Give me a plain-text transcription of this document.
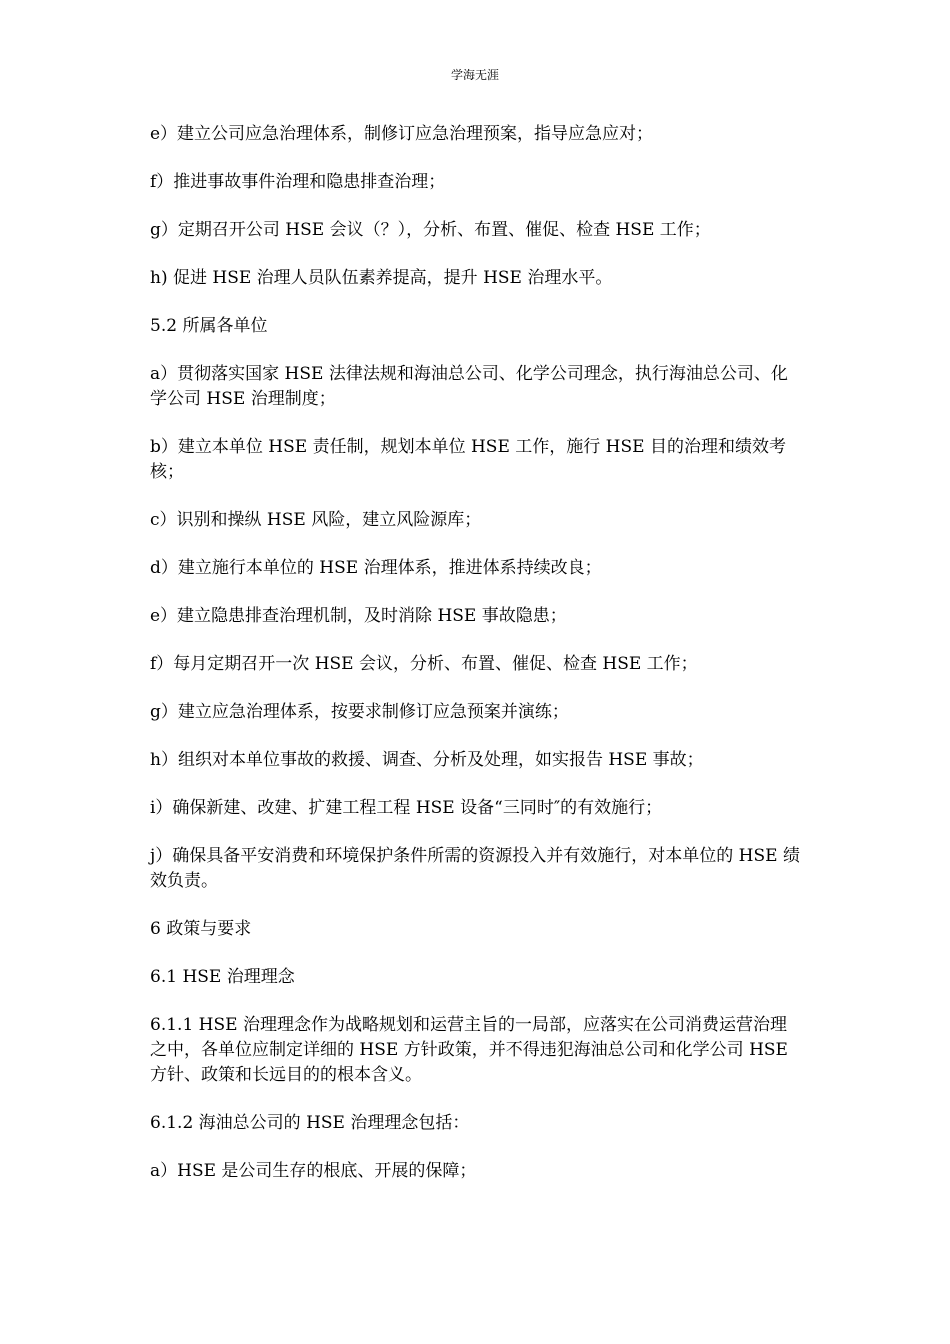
学海无涯

e）建立公司应急治理体系，制修订应急治理预案，指导应急应对；

f）推进事故事件治理和隐患排查治理；

g）定期召开公司 HSE 会议（？），分析、布置、催促、检查 HSE 工作；

h) 促进 HSE 治理人员队伍素养提高，提升 HSE 治理水平。

5.2 所属各单位

a）贯彻落实国家 HSE 法律法规和海油总公司、化学公司理念，执行海油总公司、化学公司 HSE 治理制度；

b）建立本单位 HSE 责任制，规划本单位 HSE 工作，施行 HSE 目的治理和绩效考核；

c）识别和操纵 HSE 风险，建立风险源库；

d）建立施行本单位的 HSE 治理体系，推进体系持续改良；

e）建立隐患排查治理机制，及时消除 HSE 事故隐患；

f）每月定期召开一次 HSE 会议，分析、布置、催促、检查 HSE 工作；

g）建立应急治理体系，按要求制修订应急预案并演练；

h）组织对本单位事故的救援、调查、分析及处理，如实报告 HSE 事故；

i）确保新建、改建、扩建工程工程 HSE 设备“三同时″的有效施行；

j）确保具备平安消费和环境保护条件所需的资源投入并有效施行，对本单位的 HSE 绩效负责。

6 政策与要求

6.1 HSE 治理理念

6.1.1 HSE 治理理念作为战略规划和运营主旨的一局部，应落实在公司消费运营治理之中，各单位应制定详细的 HSE 方针政策，并不得违犯海油总公司和化学公司 HSE 方针、政策和长远目的的根本含义。

6.1.2 海油总公司的 HSE 治理理念包括：

a）HSE 是公司生存的根底、开展的保障；
